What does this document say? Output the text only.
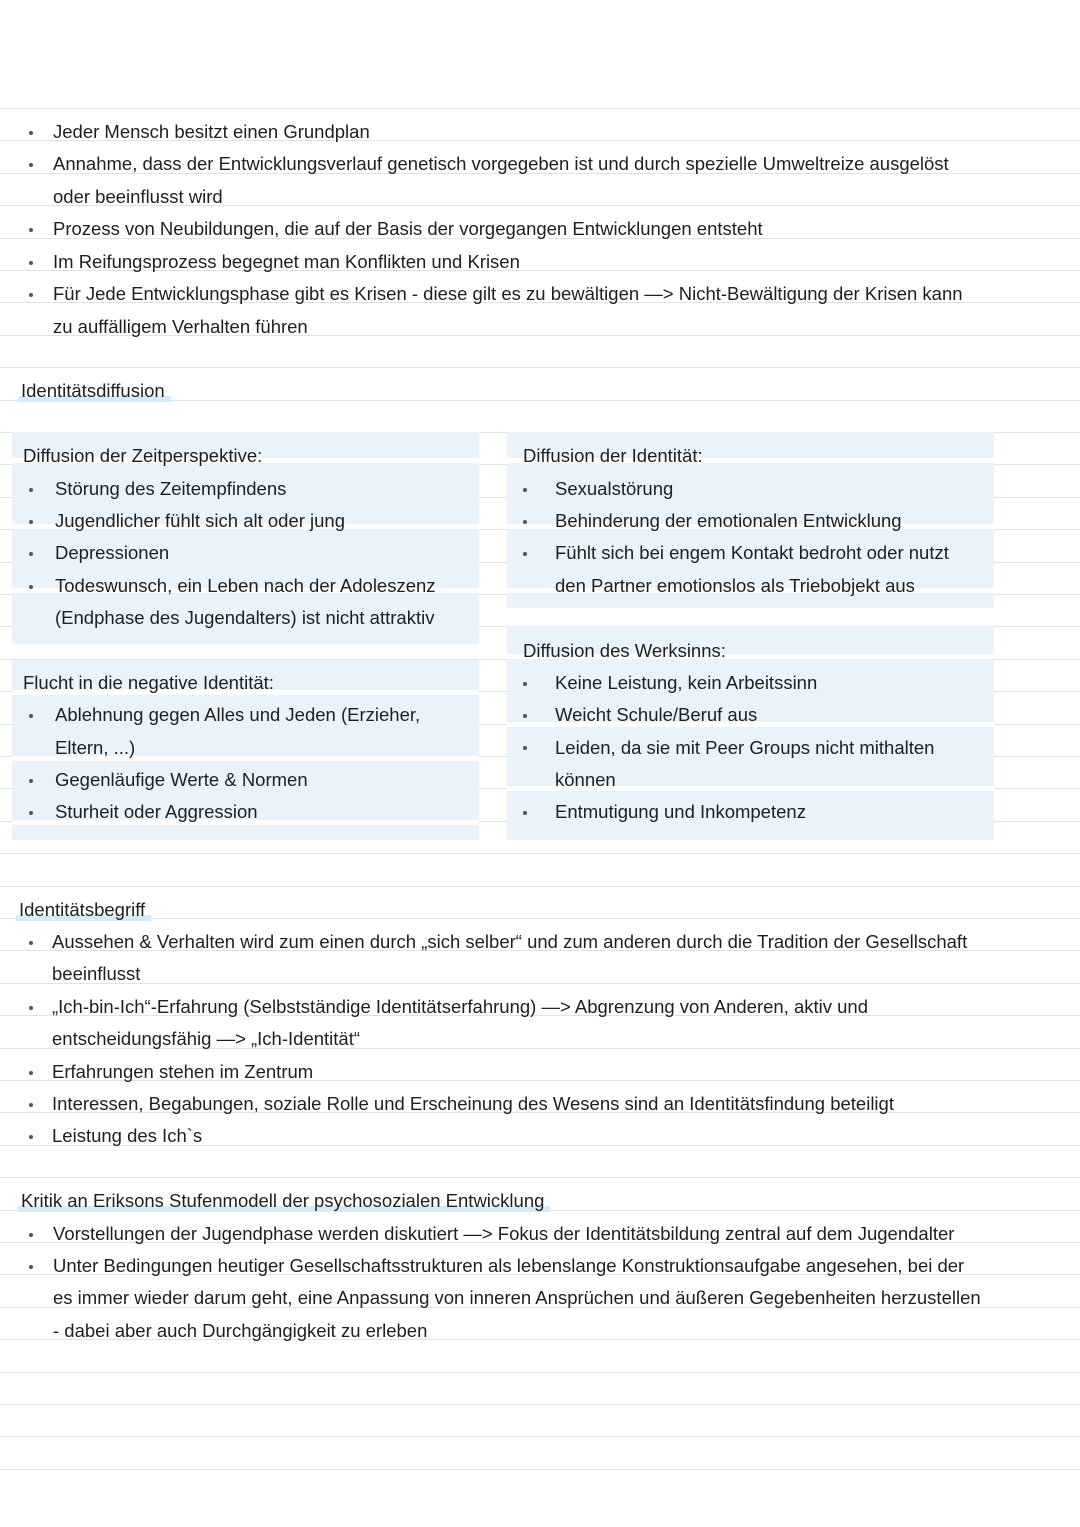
Jeder Mensch besitzt einen Grundplan
Annahme, dass der Entwicklungsverlauf genetisch vorgegeben ist und durch spezielle Umweltreize ausgelöst
oder beeinflusst wird
Prozess von Neubildungen, die auf der Basis der vorgegangen Entwicklungen entsteht
Im Reifungsprozess begegnet man Konflikten und Krisen
Für Jede Entwicklungsphase gibt es Krisen - diese gilt es zu bewältigen —> Nicht-Bewältigung der Krisen kann
zu auffälligem Verhalten führen
Identitätsdiffusion
Diffusion der Zeitperspektive:
Störung des Zeitempfindens
Jugendlicher fühlt sich alt oder jung
Depressionen
Todeswunsch, ein Leben nach der Adoleszenz
(Endphase des Jugendalters) ist nicht attraktiv
Diffusion der Identität:
Sexualstörung
Behinderung der emotionalen Entwicklung
Fühlt sich bei engem Kontakt bedroht oder nutzt
den Partner emotionslos als Triebobjekt aus
Flucht in die negative Identität:
Ablehnung gegen Alles und Jeden (Erzieher,
Eltern, ...)
Gegenläufige Werte & Normen
Sturheit oder Aggression
Diffusion des Werksinns:
Keine Leistung, kein Arbeitssinn
Weicht Schule/Beruf aus
Leiden, da sie mit Peer Groups nicht mithalten
können
Entmutigung und Inkompetenz
Identitätsbegriff
Aussehen & Verhalten wird zum einen durch „sich selber“ und zum anderen durch die Tradition der Gesellschaft
beeinflusst
„Ich-bin-Ich“-Erfahrung (Selbstständige Identitätserfahrung) —> Abgrenzung von Anderen, aktiv und
entscheidungsfähig —> „Ich-Identität“
Erfahrungen stehen im Zentrum
Interessen, Begabungen, soziale Rolle und Erscheinung des Wesens sind an Identitätsfindung beteiligt
Leistung des Ich`s
Kritik an Eriksons Stufenmodell der psychosozialen Entwicklung
Vorstellungen der Jugendphase werden diskutiert —> Fokus der Identitätsbildung zentral auf dem Jugendalter
Unter Bedingungen heutiger Gesellschaftsstrukturen als lebenslange Konstruktionsaufgabe angesehen, bei der
es immer wieder darum geht, eine Anpassung von inneren Ansprüchen und äußeren Gegebenheiten herzustellen
- dabei aber auch Durchgängigkeit zu erleben
